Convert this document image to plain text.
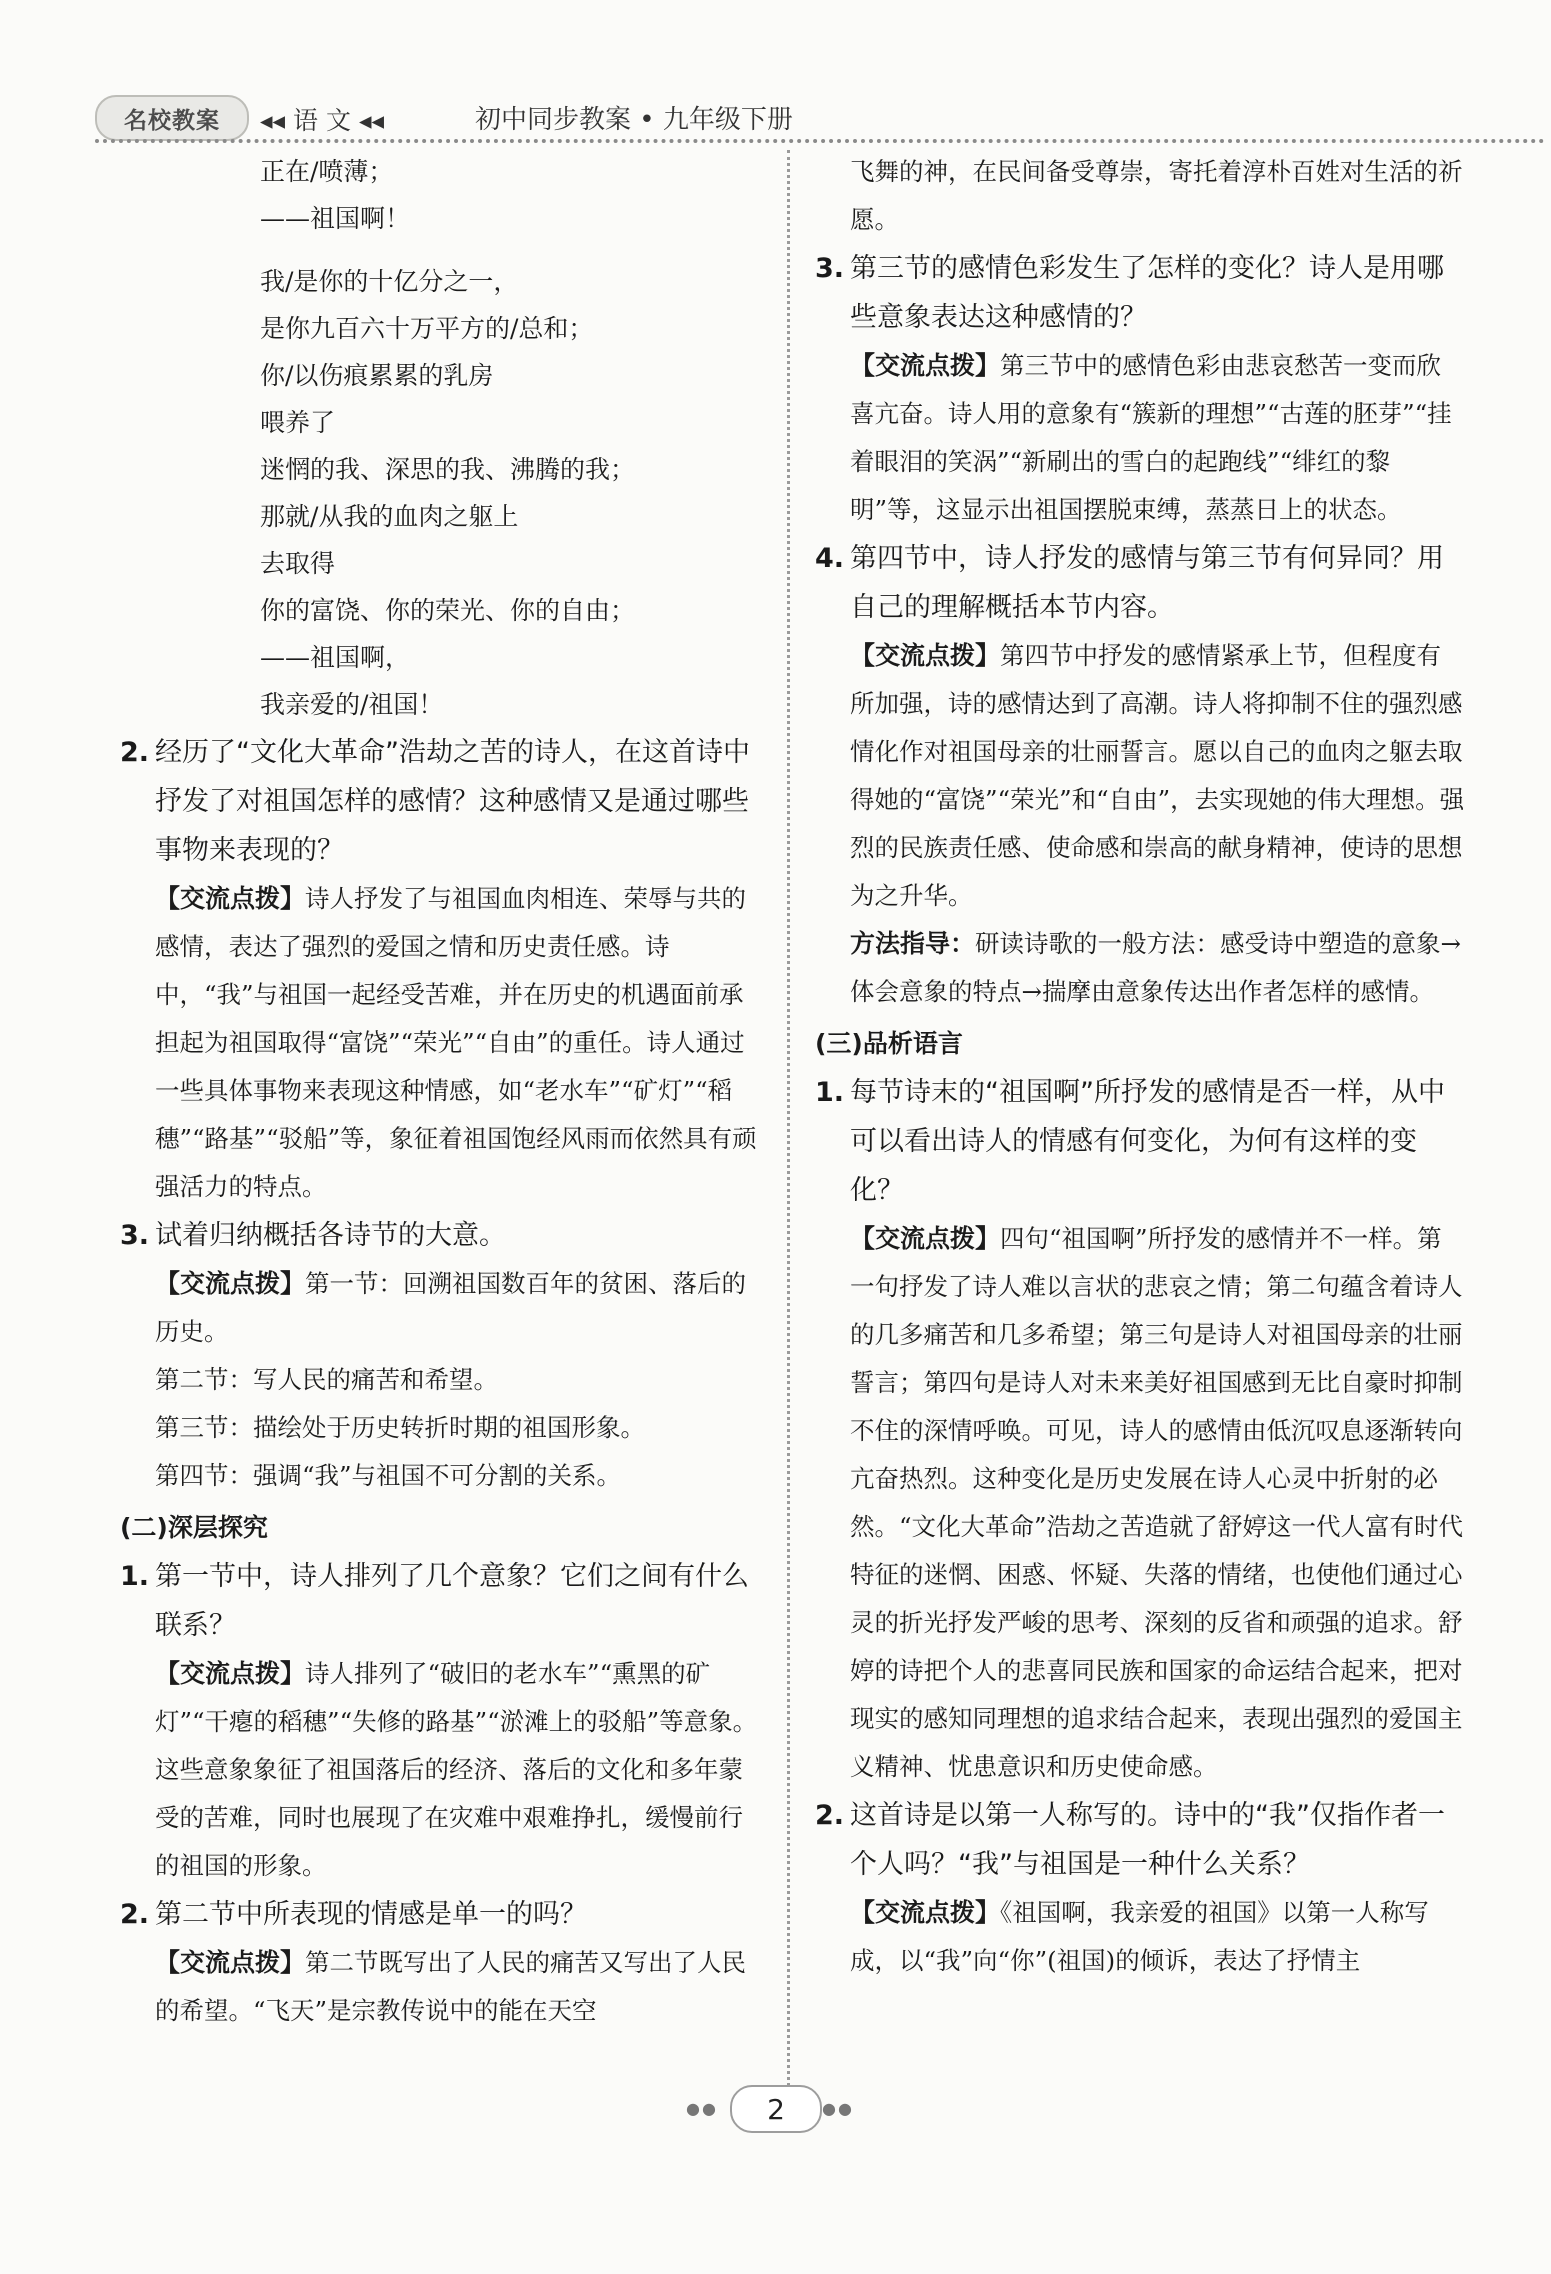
名校教案	◂◂ 语 文 ◂◂	初中同步教案 • 九年级下册
正在/喷薄；
——祖国啊！
我/是你的十亿分之一，
是你九百六十万平方的/总和；
你/以伤痕累累的乳房
喂养了
迷惘的我、深思的我、沸腾的我；
那就/从我的血肉之躯上
去取得
你的富饶、你的荣光、你的自由；
——祖国啊，
我亲爱的/祖国！
2. 经历了“文化大革命”浩劫之苦的诗人，在这首诗中抒发了对祖国怎样的感情？这种感情又是通过哪些事物来表现的？
【交流点拨】诗人抒发了与祖国血肉相连、荣辱与共的感情，表达了强烈的爱国之情和历史责任感。诗中，“我”与祖国一起经受苦难，并在历史的机遇面前承担起为祖国取得“富饶”“荣光”“自由”的重任。诗人通过一些具体事物来表现这种情感，如“老水车”“矿灯”“稻穗”“路基”“驳船”等，象征着祖国饱经风雨而依然具有顽强活力的特点。
3. 试着归纳概括各诗节的大意。
【交流点拨】第一节：回溯祖国数百年的贫困、落后的历史。
第二节：写人民的痛苦和希望。
第三节：描绘处于历史转折时期的祖国形象。
第四节：强调“我”与祖国不可分割的关系。
(二)深层探究
1. 第一节中，诗人排列了几个意象？它们之间有什么联系？
【交流点拨】诗人排列了“破旧的老水车”“熏黑的矿灯”“干瘪的稻穗”“失修的路基”“淤滩上的驳船”等意象。这些意象象征了祖国落后的经济、落后的文化和多年蒙受的苦难，同时也展现了在灾难中艰难挣扎，缓慢前行的祖国的形象。
2. 第二节中所表现的情感是单一的吗？
【交流点拨】第二节既写出了人民的痛苦又写出了人民的希望。“飞天”是宗教传说中的能在天空
飞舞的神，在民间备受尊崇，寄托着淳朴百姓对生活的祈愿。
3. 第三节的感情色彩发生了怎样的变化？诗人是用哪些意象表达这种感情的？
【交流点拨】第三节中的感情色彩由悲哀愁苦一变而欣喜亢奋。诗人用的意象有“簇新的理想”“古莲的胚芽”“挂着眼泪的笑涡”“新刷出的雪白的起跑线”“绯红的黎明”等，这显示出祖国摆脱束缚，蒸蒸日上的状态。
4. 第四节中，诗人抒发的感情与第三节有何异同？用自己的理解概括本节内容。
【交流点拨】第四节中抒发的感情紧承上节，但程度有所加强，诗的感情达到了高潮。诗人将抑制不住的强烈感情化作对祖国母亲的壮丽誓言。愿以自己的血肉之躯去取得她的“富饶”“荣光”和“自由”，去实现她的伟大理想。强烈的民族责任感、使命感和崇高的献身精神，使诗的思想为之升华。
方法指导：研读诗歌的一般方法：感受诗中塑造的意象→体会意象的特点→揣摩由意象传达出作者怎样的感情。
(三)品析语言
1. 每节诗末的“祖国啊”所抒发的感情是否一样，从中可以看出诗人的情感有何变化，为何有这样的变化？
【交流点拨】四句“祖国啊”所抒发的感情并不一样。第一句抒发了诗人难以言状的悲哀之情；第二句蕴含着诗人的几多痛苦和几多希望；第三句是诗人对祖国母亲的壮丽誓言；第四句是诗人对未来美好祖国感到无比自豪时抑制不住的深情呼唤。可见，诗人的感情由低沉叹息逐渐转向亢奋热烈。这种变化是历史发展在诗人心灵中折射的必然。“文化大革命”浩劫之苦造就了舒婷这一代人富有时代特征的迷惘、困惑、怀疑、失落的情绪，也使他们通过心灵的折光抒发严峻的思考、深刻的反省和顽强的追求。舒婷的诗把个人的悲喜同民族和国家的命运结合起来，把对现实的感知同理想的追求结合起来，表现出强烈的爱国主义精神、忧患意识和历史使命感。
2. 这首诗是以第一人称写的。诗中的“我”仅指作者一个人吗？“我”与祖国是一种什么关系？
【交流点拨】《祖国啊，我亲爱的祖国》以第一人称写成，以“我”向“你”(祖国)的倾诉，表达了抒情主
●●	2	●●
